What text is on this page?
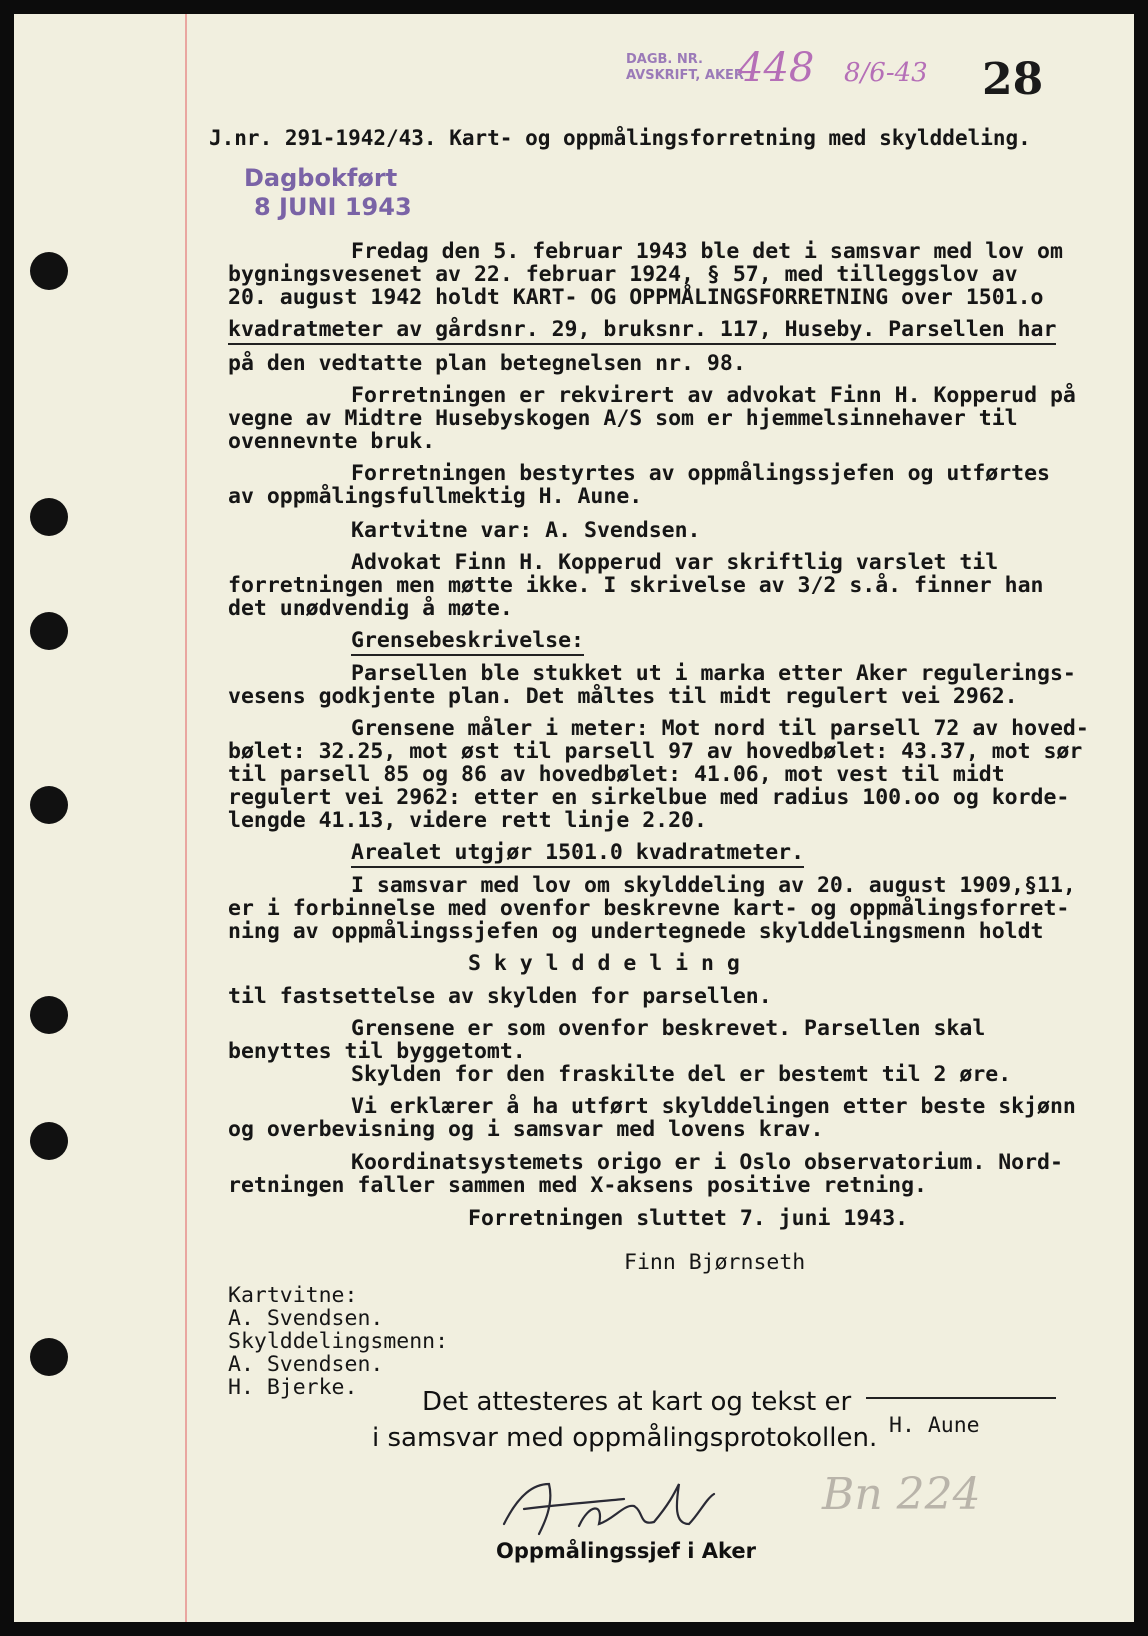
DAGB. NR.
AVSKRIFT, AKER
448 8/6-43 28
J.nr. 291-1942/43. Kart- og oppmålingsforretning med skylddeling.
Dagbokført
8 JUNI 1943
Fredag den 5. februar 1943 ble det i samsvar med lov om
bygningsvesenet av 22. februar 1924, § 57, med tilleggslov av
20. august 1942 holdt KART- OG OPPMÅLINGSFORRETNING over 1501.o
kvadratmeter av gårdsnr. 29, bruksnr. 117, Huseby. Parsellen har
på den vedtatte plan betegnelsen nr. 98.
Forretningen er rekvirert av advokat Finn H. Kopperud på
vegne av Midtre Husebyskogen A/S som er hjemmelsinnehaver til
ovennevnte bruk.
Forretningen bestyrtes av oppmålingssjefen og utførtes
av oppmålingsfullmektig H. Aune.
Kartvitne var: A. Svendsen.
Advokat Finn H. Kopperud var skriftlig varslet til
forretningen men møtte ikke. I skrivelse av 3/2 s.å. finner han
det unødvendig å møte.
Grensebeskrivelse:
Parsellen ble stukket ut i marka etter Aker regulerings-
vesens godkjente plan. Det måltes til midt regulert vei 2962.
Grensene måler i meter: Mot nord til parsell 72 av hoved-
bølet: 32.25, mot øst til parsell 97 av hovedbølet: 43.37, mot sør
til parsell 85 og 86 av hovedbølet: 41.06, mot vest til midt
regulert vei 2962: etter en sirkelbue med radius 100.oo og korde-
lengde 41.13, videre rett linje 2.20.
Arealet utgjør 1501.0 kvadratmeter.
I samsvar med lov om skylddeling av 20. august 1909,§11,
er i forbinnelse med ovenfor beskrevne kart- og oppmålingsforret-
ning av oppmålingssjefen og undertegnede skylddelingsmenn holdt
S k y l d d e l i n g
til fastsettelse av skylden for parsellen.
Grensene er som ovenfor beskrevet. Parsellen skal
benyttes til byggetomt.
Skylden for den fraskilte del er bestemt til 2 øre.
Vi erklærer å ha utført skylddelingen etter beste skjønn
og overbevisning og i samsvar med lovens krav.
Koordinatsystemets origo er i Oslo observatorium. Nord-
retningen faller sammen med X-aksens positive retning.
Forretningen sluttet 7. juni 1943.
Finn Bjørnseth
Kartvitne:
A. Svendsen.
Skylddelingsmenn:
A. Svendsen.
H. Bjerke. Det attesteres at kart og tekst er
i samsvar med oppmålingsprotokollen. H. Aune
Oppmålingssjef i Aker
Bn 224
